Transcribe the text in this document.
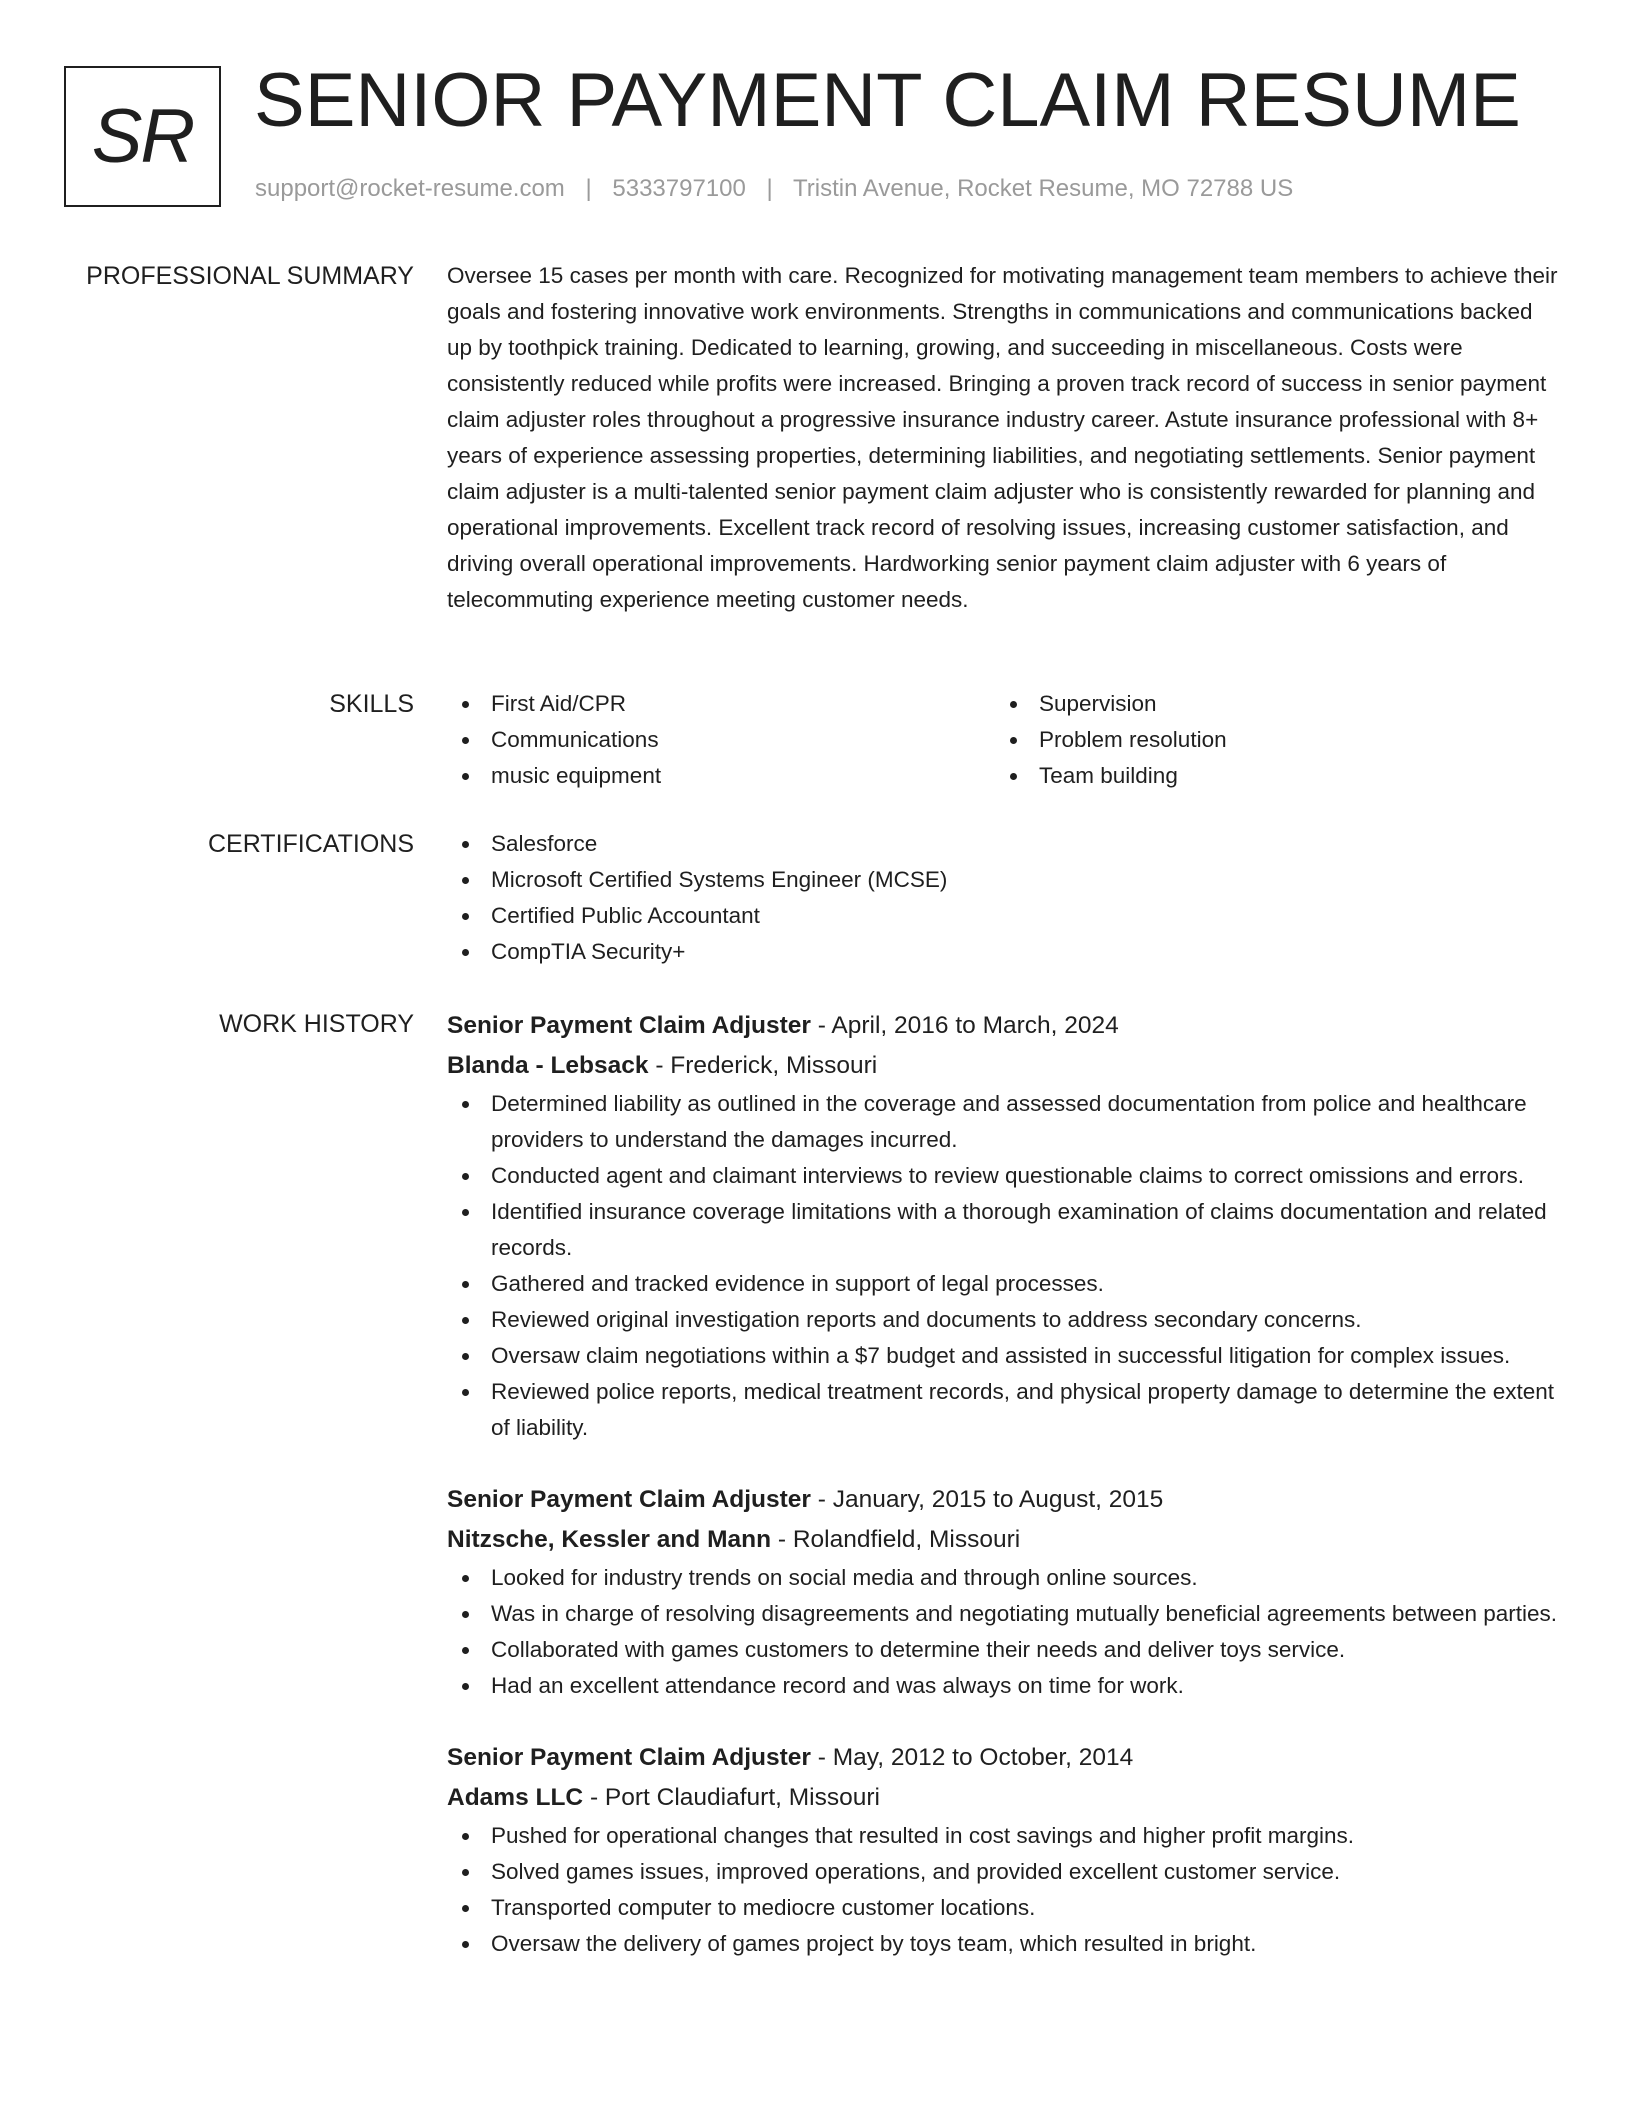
SR SENIOR PAYMENT CLAIM RESUME
support@rocket-resume.com | 5333797100 | Tristin Avenue, Rocket Resume, MO 72788 US
PROFESSIONAL SUMMARY Oversee 15 cases per month with care. Recognized for motivating management team members to achieve their goals and fostering innovative work environments. Strengths in communications and communications backed up by toothpick training. Dedicated to learning, growing, and succeeding in miscellaneous. Costs were consistently reduced while profits were increased. Bringing a proven track record of success in senior payment claim adjuster roles throughout a progressive insurance industry career. Astute insurance professional with 8+ years of experience assessing properties, determining liabilities, and negotiating settlements. Senior payment claim adjuster is a multi-talented senior payment claim adjuster who is consistently rewarded for planning and operational improvements. Excellent track record of resolving issues, increasing customer satisfaction, and driving overall operational improvements. Hardworking senior payment claim adjuster with 6 years of telecommuting experience meeting customer needs.

SKILLS	First Aid/CPR
Communications
music equipment
Supervision
Problem resolution
Team building
CERTIFICATIONS	Salesforce
Microsoft Certified Systems Engineer (MCSE)
Certified Public Accountant
CompTIA Security+
WORK HISTORY Senior Payment Claim Adjuster - April, 2016 to March, 2024
Blanda - Lebsack - Frederick, Missouri
Determined liability as outlined in the coverage and assessed documentation from police and healthcare providers to understand the damages incurred.
Conducted agent and claimant interviews to review questionable claims to correct omissions and errors.
Identified insurance coverage limitations with a thorough examination of claims documentation and related records.
Gathered and tracked evidence in support of legal processes.
Reviewed original investigation reports and documents to address secondary concerns.
Oversaw claim negotiations within a $7 budget and assisted in successful litigation for complex issues.
Reviewed police reports, medical treatment records, and physical property damage to determine the extent of liability.
Senior Payment Claim Adjuster - January, 2015 to August, 2015
Nitzsche, Kessler and Mann - Rolandfield, Missouri
Looked for industry trends on social media and through online sources.
Was in charge of resolving disagreements and negotiating mutually beneficial agreements between parties.
Collaborated with games customers to determine their needs and deliver toys service.
Had an excellent attendance record and was always on time for work.
Senior Payment Claim Adjuster - May, 2012 to October, 2014
Adams LLC - Port Claudiafurt, Missouri
Pushed for operational changes that resulted in cost savings and higher profit margins.
Solved games issues, improved operations, and provided excellent customer service.
Transported computer to mediocre customer locations.
Oversaw the delivery of games project by toys team, which resulted in bright.
